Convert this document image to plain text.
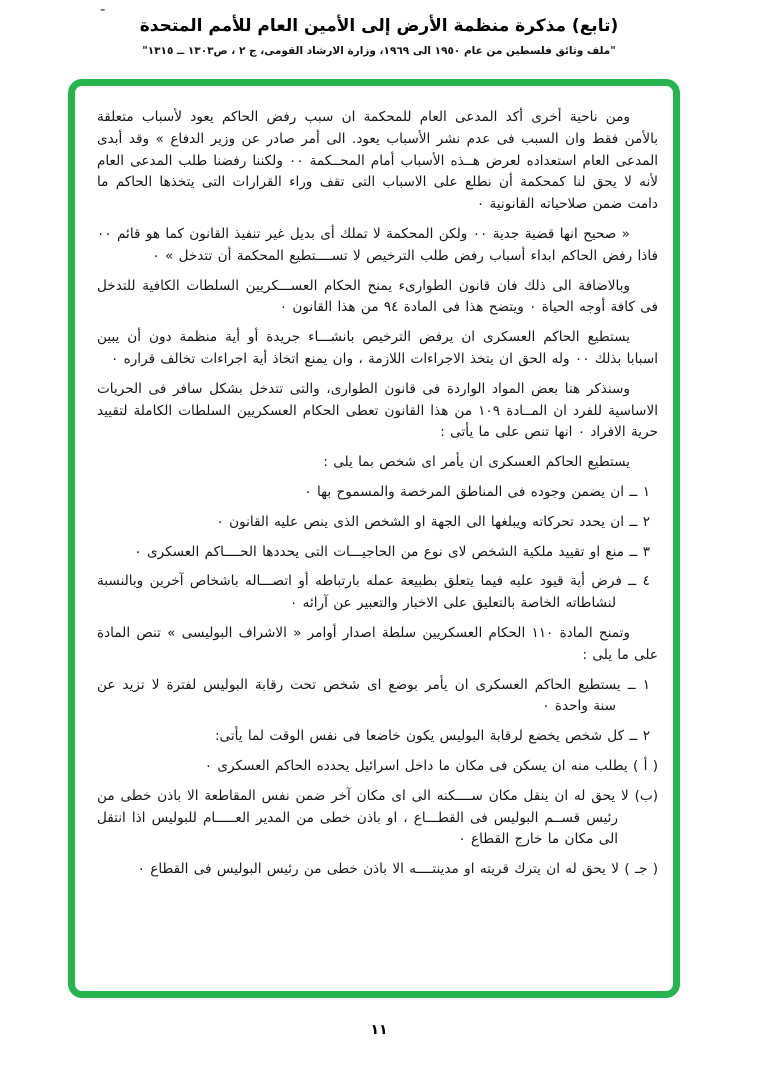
-
(تابع) مذكرة منظمة الأرض إلى الأمين العام للأمم المتحدة
"ملف وثائق فلسطين من عام ١٩٥٠ الى ١٩٦٩، وزارة الارشاد القومى، ج ٢ ، ص١٣٠٣ ــ ١٣١٥"

ومن ناحية أخرى أكد المدعى العام للمحكمة ان سبب رفض الحاكم يعود لأسباب متعلقة بالأمن فقط وان السبب فى عدم نشر الأسباب يعود. الى أمر صادر عن وزير الدفاع » وقد أبدى المدعى العام استعداده لعرض هــذه الأسباب أمام المحــكمة ٠٠ ولكننا رفضنا طلب المدعى العام لأنه لا يحق لنا كمحكمة أن نطلع على الاسباب التى تقف وراء القرارات التى يتخذها الحاكم ما دامت ضمن صلاحياته القانونية ٠

« صحيح انها قضية جدية ٠٠ ولكن المحكمة لا تملك أى بديل غير تنفيذ القانون كما هو قائم ٠٠ فاذا رفض الحاكم ابداء أسباب رفض طلب الترخيص لا تســــتطيع المحكمة أن تتدخل » ٠

وبالاضافة الى ذلك فان قانون الطوارىء يمنح الحكام العســـكريين السلطات الكافية للتدخل فى كافة أوجه الحياة ٠ ويتضح هذا فى المادة ٩٤ من هذا القانون ٠

يستطيع الحاكم العسكرى ان يرفض الترخيص بانشـــاء جريدة أو أية منظمة دون أن يبين اسبابا بذلك ٠٠ وله الحق ان يتخذ الاجراءات اللازمة ، وان يمنع اتخاذ أية اجراءات تخالف قراره ٠

وسنذكر هنا بعض المواد الواردة فى قانون الطوارى، والتى تتدخل بشكل سافر فى الحريات الاساسية للفرد ان المــادة ١٠٩ من هذا القانون تعطى الحكام العسكريين السلطات الكاملة لتقييد حرية الافراد ٠ انها تنص على ما يأتى :

يستطيع الحاكم العسكرى ان يأمر اى شخص بما يلى :

١ ــ ان يضمن وجوده فى المناطق المرخصة والمسموح بها ٠

٢ ــ ان يحدد تحركاته ويبلغها الى الجهة او الشخص الذى ينص عليه القانون ٠

٣ ــ منع او تقييد ملكية الشخص لاى نوع من الحاجيـــات التى يحددها الحــــاكم العسكرى ٠

٤ ــ فرض أية قيود عليه فيما يتعلق بطبيعة عمله بارتباطه أو اتصـــاله باشخاص آخرين وبالنسبة لنشاطاته الخاصة بالتعليق على الاخبار والتعبير عن آرائه ٠

وتمنح المادة ١١٠ الحكام العسكريين سلطة اصدار أوامر « الاشراف البوليسى » تنص المادة على ما يلى :

١ ــ يستطيع الحاكم العسكرى ان يأمر بوضع اى شخص تحت رقابة البوليس لفترة لا تزيد عن سنة واحدة ٠

٢ ــ كل شخص يخضع لرقابة البوليس يكون خاضعا فى نفس الوقت لما يأتى:

( أ ) يطلب منه ان يسكن فى مكان ما داخل اسرائيل يحدده الحاكم العسكرى ٠

(ب) لا يحق له ان ينقل مكان ســــكنه الى اى مكان آخر ضمن نفس المقاطعة الا باذن خطى من رئيس قســم البوليس فى القطـــاع ، او باذن خطى من المدير العـــــام للبوليس اذا انتقل الى مكان ما خارج القطاع ٠

( جـ ) لا يحق له ان يترك قريته او مدينتــــه الا باذن خطى من رئيس البوليس فى القطاع ٠

١١
